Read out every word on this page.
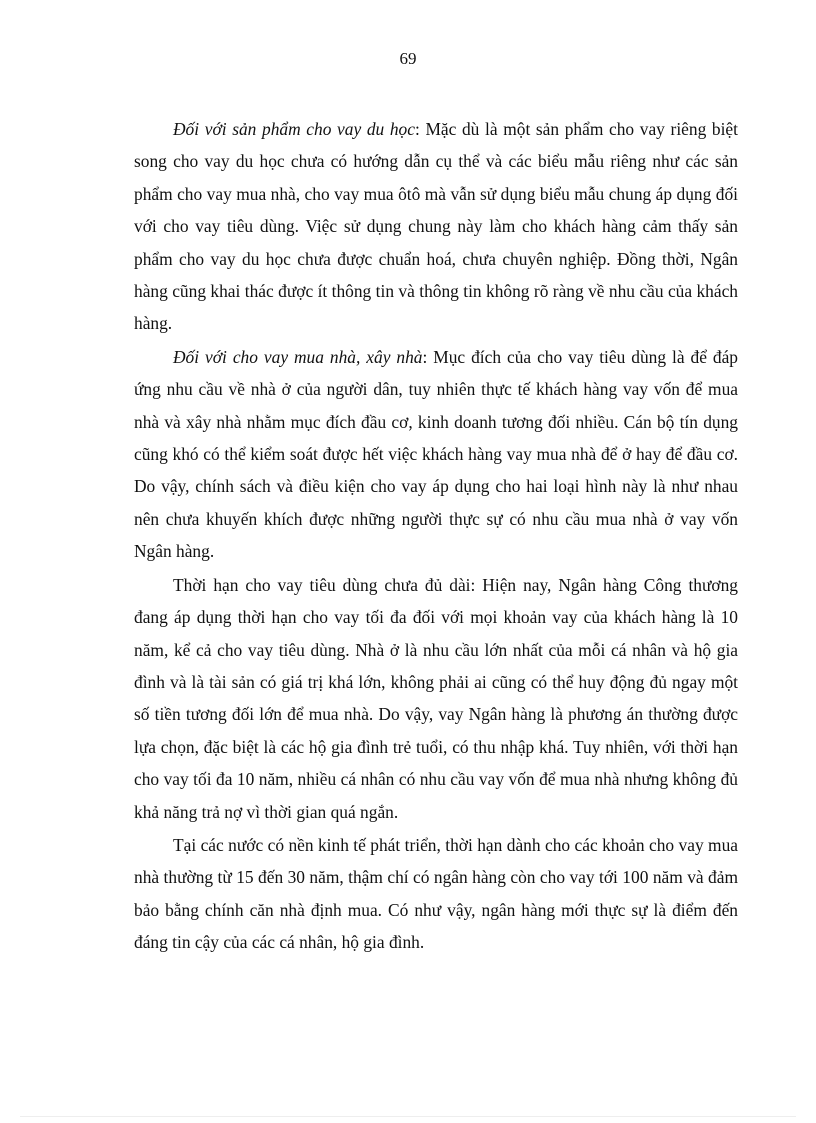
69

Đối với sản phẩm cho vay du học: Mặc dù là một sản phẩm cho vay riêng biệt song cho vay du học chưa có hướng dẫn cụ thể và các biểu mẫu riêng như các sản phẩm cho vay mua nhà, cho vay mua ôtô mà vẫn sử dụng biểu mẫu chung áp dụng đối với cho vay tiêu dùng. Việc sử dụng chung này làm cho khách hàng cảm thấy sản phẩm cho vay du học chưa được chuẩn hoá, chưa chuyên nghiệp. Đồng thời, Ngân hàng cũng khai thác được ít thông tin và thông tin không rõ ràng về nhu cầu của khách hàng.

Đối với cho vay mua nhà, xây nhà: Mục đích của cho vay tiêu dùng là để đáp ứng nhu cầu về nhà ở của người dân, tuy nhiên thực tế khách hàng vay vốn để mua nhà và xây nhà nhằm mục đích đầu cơ, kinh doanh tương đối nhiều. Cán bộ tín dụng cũng khó có thể kiểm soát được hết việc khách hàng vay mua nhà để ở hay để đầu cơ. Do vậy, chính sách và điều kiện cho vay áp dụng cho hai loại hình này là như nhau nên chưa khuyến khích được những người thực sự có nhu cầu mua nhà ở vay vốn Ngân hàng.

Thời hạn cho vay tiêu dùng chưa đủ dài: Hiện nay, Ngân hàng Công thương đang áp dụng thời hạn cho vay tối đa đối với mọi khoản vay của khách hàng là 10 năm, kể cả cho vay tiêu dùng. Nhà ở là nhu cầu lớn nhất của mỗi cá nhân và hộ gia đình và là tài sản có giá trị khá lớn, không phải ai cũng có thể huy động đủ ngay một số tiền tương đối lớn để mua nhà. Do vậy, vay Ngân hàng là phương án thường được lựa chọn, đặc biệt là các hộ gia đình trẻ tuổi, có thu nhập khá. Tuy nhiên, với thời hạn cho vay tối đa 10 năm, nhiều cá nhân có nhu cầu vay vốn để mua nhà nhưng không đủ khả năng trả nợ vì thời gian quá ngắn.

Tại các nước có nền kinh tế phát triển, thời hạn dành cho các khoản cho vay mua nhà thường từ 15 đến 30 năm, thậm chí có ngân hàng còn cho vay tới 100 năm và đảm bảo bằng chính căn nhà định mua. Có như vậy, ngân hàng mới thực sự là điểm đến đáng tin cậy của các cá nhân, hộ gia đình.
